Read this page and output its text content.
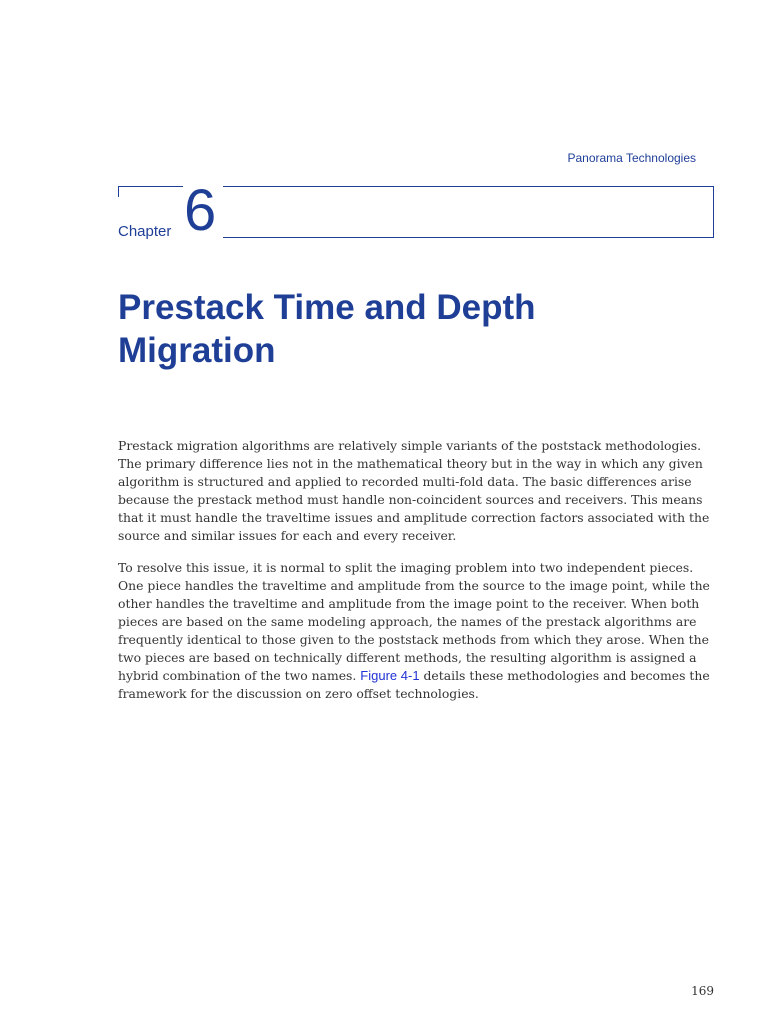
Panorama Technologies
Chapter 6
Prestack Time and Depth
Migration

Prestack migration algorithms are relatively simple variants of the poststack methodologies. The primary difference lies not in the mathematical theory but in the way in which any given algorithm is structured and applied to recorded multi-fold data. The basic differences arise because the prestack method must handle non-coincident sources and receivers. This means that it must handle the traveltime issues and amplitude correction factors associated with the source and similar issues for each and every receiver.

To resolve this issue, it is normal to split the imaging problem into two independent pieces. One piece handles the traveltime and amplitude from the source to the image point, while the other handles the traveltime and amplitude from the image point to the receiver. When both pieces are based on the same modeling approach, the names of the prestack algorithms are frequently identical to those given to the poststack methods from which they arose. When the two pieces are based on technically different methods, the resulting algorithm is assigned a hybrid combination of the two names. Figure 4-1 details these methodologies and becomes the framework for the discussion on zero offset technologies.

169
